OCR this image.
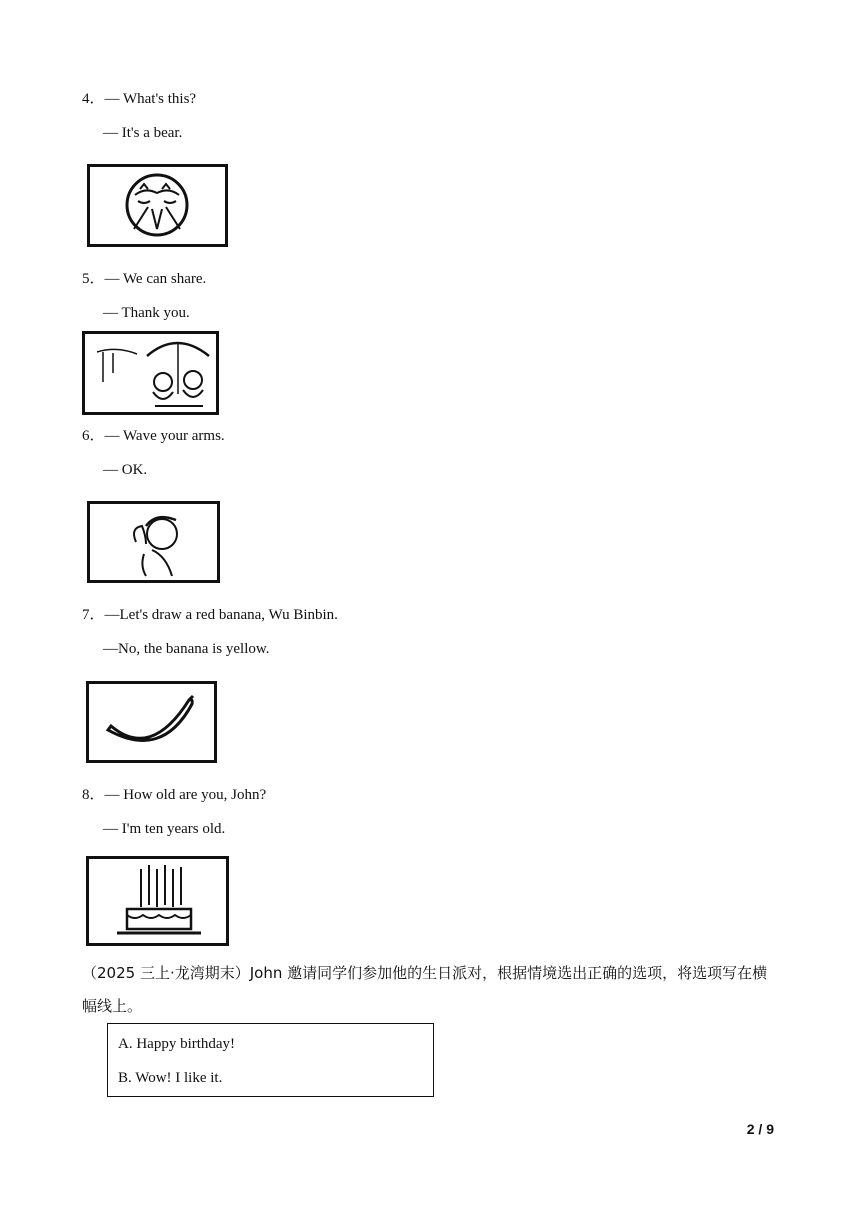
4．— What's this?
— It's a bear.
5．— We can share.
— Thank you.
6．— Wave your arms.
— OK.
7．—Let's draw a red banana, Wu Binbin.
—No, the banana is yellow.
8．— How old are you, John?
— I'm ten years old.
（2025 三上·龙湾期末）John 邀请同学们参加他的生日派对，根据情境选出正确的选项，将选项写在横
幅线上。
A. Happy birthday!
B. Wow! I like it.
2 / 9
